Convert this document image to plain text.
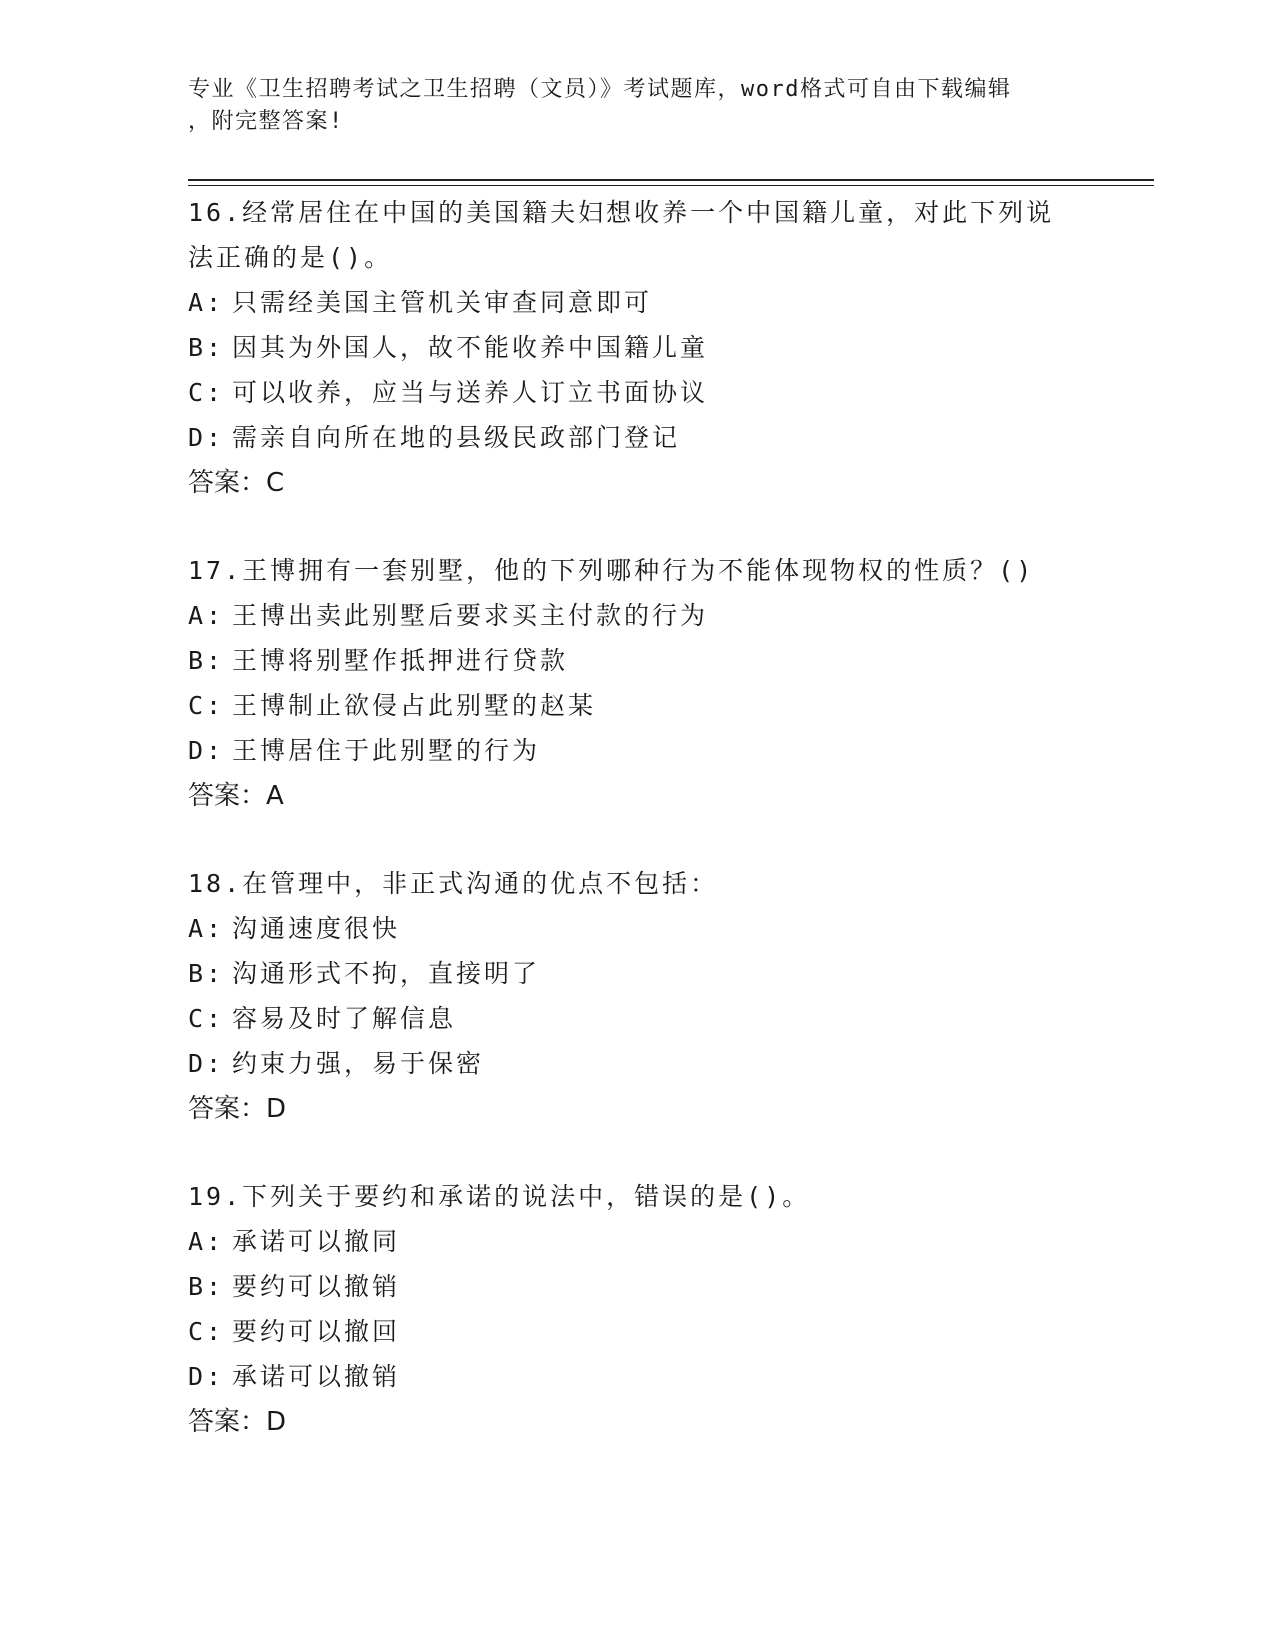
专业《卫生招聘考试之卫生招聘（文员）》考试题库，word格式可自由下载编辑
，附完整答案!
16.经常居住在中国的美国籍夫妇想收养一个中国籍儿童，对此下列说
法正确的是()。
A: 只需经美国主管机关审查同意即可
B: 因其为外国人，故不能收养中国籍儿童
C: 可以收养，应当与送养人订立书面协议
D: 需亲自向所在地的县级民政部门登记
答案：C
17.王博拥有一套别墅，他的下列哪种行为不能体现物权的性质？()
A: 王博出卖此别墅后要求买主付款的行为
B: 王博将别墅作抵押进行贷款
C: 王博制止欲侵占此别墅的赵某
D: 王博居住于此别墅的行为
答案：A
18.在管理中，非正式沟通的优点不包括：
A: 沟通速度很快
B: 沟通形式不拘，直接明了
C: 容易及时了解信息
D: 约束力强，易于保密
答案：D
19.下列关于要约和承诺的说法中，错误的是()。
A: 承诺可以撤同
B: 要约可以撤销
C: 要约可以撤回
D: 承诺可以撤销
答案：D
